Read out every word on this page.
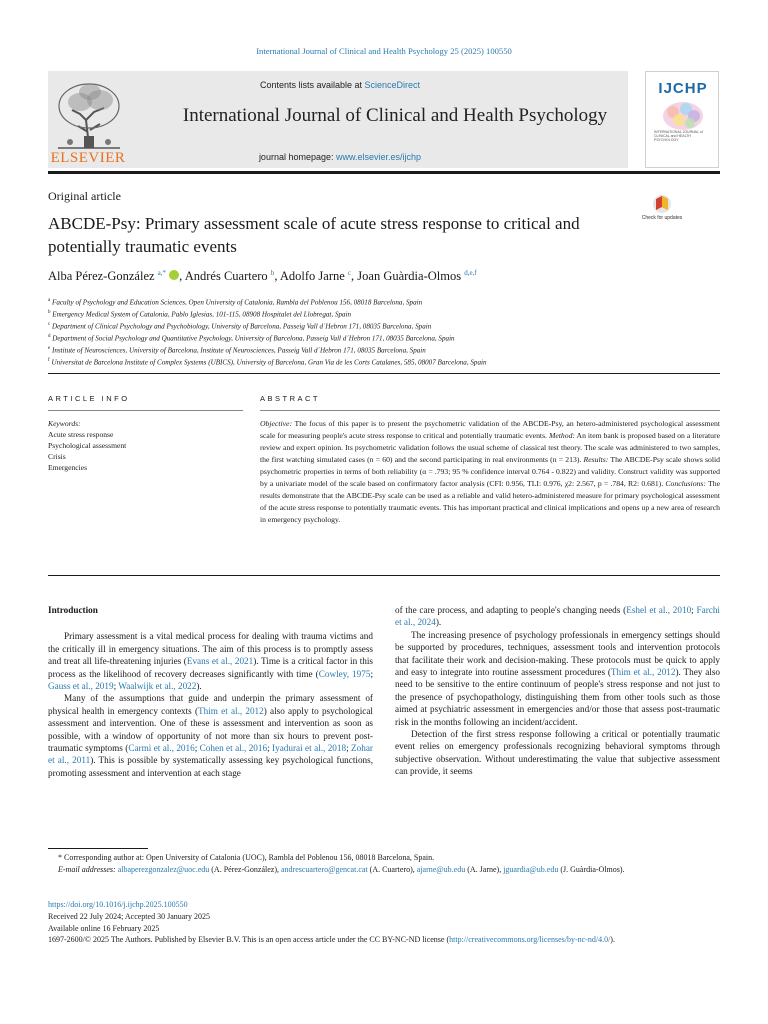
International Journal of Clinical and Health Psychology 25 (2025) 100550
ELSEVIER
Contents lists available at ScienceDirect
International Journal of Clinical and Health Psychology
journal homepage: www.elsevier.es/ijchp
IJCHP
INTERNATIONAL JOURNAL of CLINICAL and HEALTH PSYCHOLOGY
Original article
ABCDE-Psy: Primary assessment scale of acute stress response to critical and potentially traumatic events
Check for updates
Alba Pérez-González $^{a,*}$ , Andrés Cuartero $^b$, Adolfo Jarne $^c$, Joan Guàrdia-Olmos $^{d,e,f}$
$^a$ Faculty of Psychology and Education Sciences, Open University of Catalonia, Rambla del Poblenou 156, 08018 Barcelona, Spain
$^b$ Emergency Medical System of Catalonia, Pablo Iglesias, 101-115, 08908 Hospitalet del Llobregat, Spain
$^c$ Department of Clinical Psychology and Psychobiology, University of Barcelona, Passeig Vall d´Hebron 171, 08035 Barcelona, Spain
$^d$ Department of Social Psychology and Quantitative Psychology, University of Barcelona, Passeig Vall d´Hebron 171, 08035 Barcelona, Spain
$^e$ Institute of Neurosciences, University of Barcelona, Institute of Neurosciences, Passeig Vall d´Hebron 171, 08035 Barcelona, Spain
$^f$ Universitat de Barcelona Institute of Complex Systems (UBICS), University of Barcelona, Gran Via de les Corts Catalanes, 585, 08007 Barcelona, Spain
ARTICLE INFO	ABSTRACT
Keywords:
Acute stress response
Psychological assessment
Crisis
Emergencies
Objective: The focus of this paper is to present the psychometric validation of the ABCDE-Psy, an hetero-administered psychological assessment scale for measuring people's acute stress response to critical and potentially traumatic events. Method: An item bank is proposed based on a literature review and expert opinion. Its psychometric validation follows the usual scheme of classical test theory. The scale was administered to two samples, the first watching simulated cases (n = 60) and the second participating in real environments (n = 213). Results: The ABCDE-Psy scale shows solid psychometric properties in terms of both reliability (α = .793; 95 % confidence interval 0.764 - 0.822) and validity. Construct validity was supported by a univariate model of the scale based on confirmatory factor analysis (CFI: 0.956, TLI: 0.976, χ2: 2.567, p = .784, R2: 0.681). Conclusions: The results demonstrate that the ABCDE-Psy scale can be used as a reliable and valid hetero-administered measure for primary psychological assessment of the acute stress response to potentially traumatic events. This has important practical and clinical implications and opens up a new area of research in emergency psychology.
Introduction

Primary assessment is a vital medical process for dealing with trauma victims and the critically ill in emergency situations. The aim of this process is to promptly assess and treat all life-threatening injuries (Evans et al., 2021). Time is a critical factor in this process as the likelihood of recovery decreases significantly with time (Cowley, 1975; Gauss et al., 2019; Waalwijk et al., 2022).

Many of the assumptions that guide and underpin the primary assessment of physical health in emergency contexts (Thim et al., 2012) also apply to psychological assessment and intervention. One of these is assessment and intervention as soon as possible, with a window of opportunity of not more than six hours to prevent post-traumatic symptoms (Carmi et al., 2016; Cohen et al., 2016; Iyadurai et al., 2018; Zohar et al., 2011). This is possible by systematically assessing key psychological functions, promoting assessment and intervention at each stage

of the care process, and adapting to people's changing needs (Eshel et al., 2010; Farchi et al., 2024).

The increasing presence of psychology professionals in emergency settings should be supported by procedures, techniques, assessment tools and intervention protocols that facilitate their work and decision-making. These protocols must be quick to apply and easy to integrate into routine assessment procedures (Thim et al., 2012). They also need to be sensitive to the entire continuum of people's stress response and not just to the presence of psychopathology, distinguishing them from other tools such as those aimed at psychiatric assessment in emergencies and/or those that assess post-traumatic risk in the months following an incident/accident.

Detection of the first stress response following a critical or potentially traumatic event relies on emergency professionals recognizing behavioral symptoms through subjective observation. Without underestimating the value that subjective assessment can provide, it seems

* Corresponding author at: Open University of Catalonia (UOC), Rambla del Poblenou 156, 08018 Barcelona, Spain.
E-mail addresses: albaperezgonzalez@uoc.edu (A. Pérez-González), andrescuartero@gencat.cat (A. Cuartero), ajarne@ub.edu (A. Jarne), jguardia@ub.edu (J. Guàrdia-Olmos).
https://doi.org/10.1016/j.ijchp.2025.100550
Received 22 July 2024; Accepted 30 January 2025
Available online 16 February 2025
1697-2600/© 2025 The Authors. Published by Elsevier B.V. This is an open access article under the CC BY-NC-ND license (http://creativecommons.org/licenses/by-nc-nd/4.0/).
